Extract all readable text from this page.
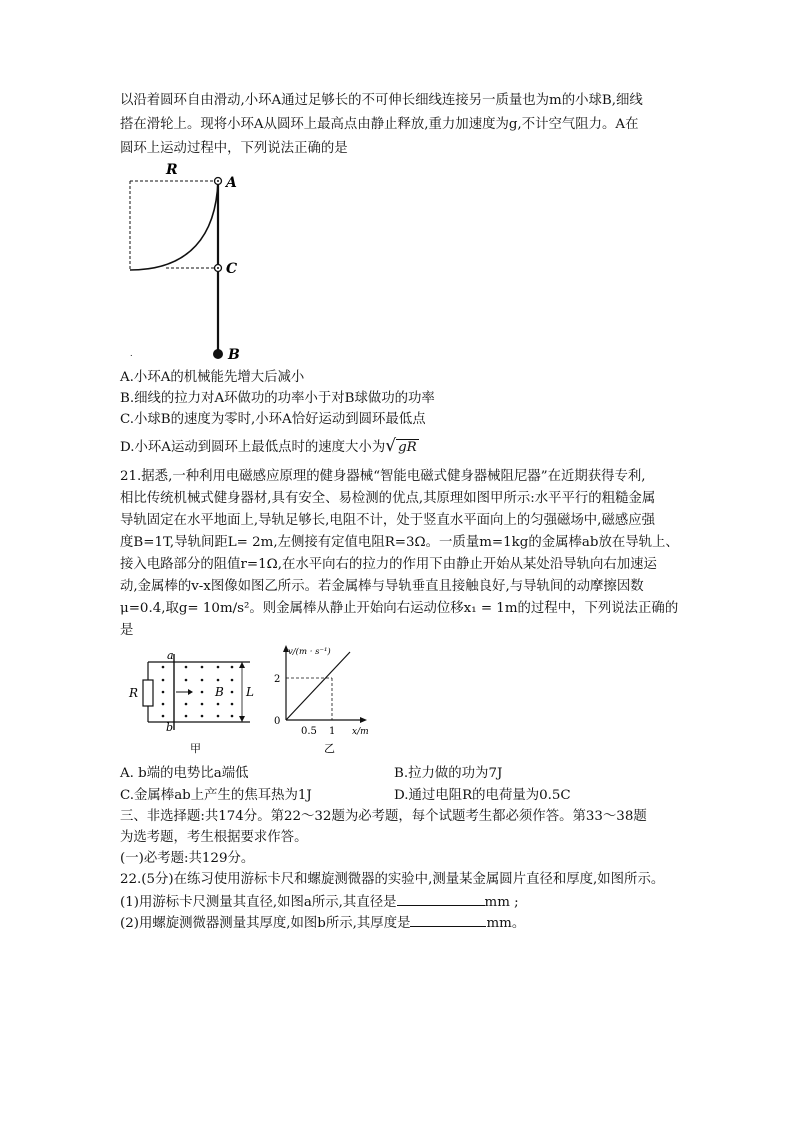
以沿着圆环自由滑动,小环A通过足够长的不可伸长细线连接另一质量也为m的小球B,细线
搭在滑轮上。现将小环A从圆环上最高点由静止释放,重力加速度为g,不计空气阻力。A在
圆环上运动过程中，下列说法正确的是
R
A
C
B
.
A.小环A的机械能先增大后减小
B.细线的拉力对A环做功的功率小于对B球做功的功率
C.小球B的速度为零时,小环A恰好运动到圆环最低点
D.小环A运动到圆环上最低点时的速度大小为√ gR
21.据悉,一种利用电磁感应原理的健身器械“智能电磁式健身器械阻尼器”在近期获得专利,
相比传统机械式健身器材,具有安全、易检测的优点,其原理如图甲所示:水平平行的粗糙金属
导轨固定在水平地面上,导轨足够长,电阻不计，处于竖直水平面向上的匀强磁场中,磁感应强
度B=1T,导轨间距L= 2m,左侧接有定值电阻R=3Ω。一质量m=1kg的金属棒ab放在导轨上、
接入电路部分的阻值r=1Ω,在水平向右的拉力的作用下由静止开始从某处沿导轨向右加速运
动,金属棒的v-x图像如图乙所示。若金属棒与导轨垂直且接触良好,与导轨间的动摩擦因数
μ=0.4,取g= 10m/s²。则金属棒从静止开始向右运动位移x₁ = 1m的过程中，下列说法正确的
是
R
a
b
B L
甲
v/(m · s⁻¹)
2
0
0.5 1 x/m
乙
A. b端的电势比a端低	B.拉力做的功为7J
C.金属棒ab上产生的焦耳热为1J	D.通过电阻R的电荷量为0.5C
三、非选择题:共174分。第22～32题为必考题，每个试题考生都必须作答。第33～38题
为选考题，考生根据要求作答。
(一)必考题:共129分。
22.(5分)在练习使用游标卡尺和螺旋测微器的实验中,测量某金属圆片直径和厚度,如图所示。
(1)用游标卡尺测量其直径,如图a所示,其直径是	mm ;
(2)用螺旋测微器测量其厚度,如图b所示,其厚度是	mm。
